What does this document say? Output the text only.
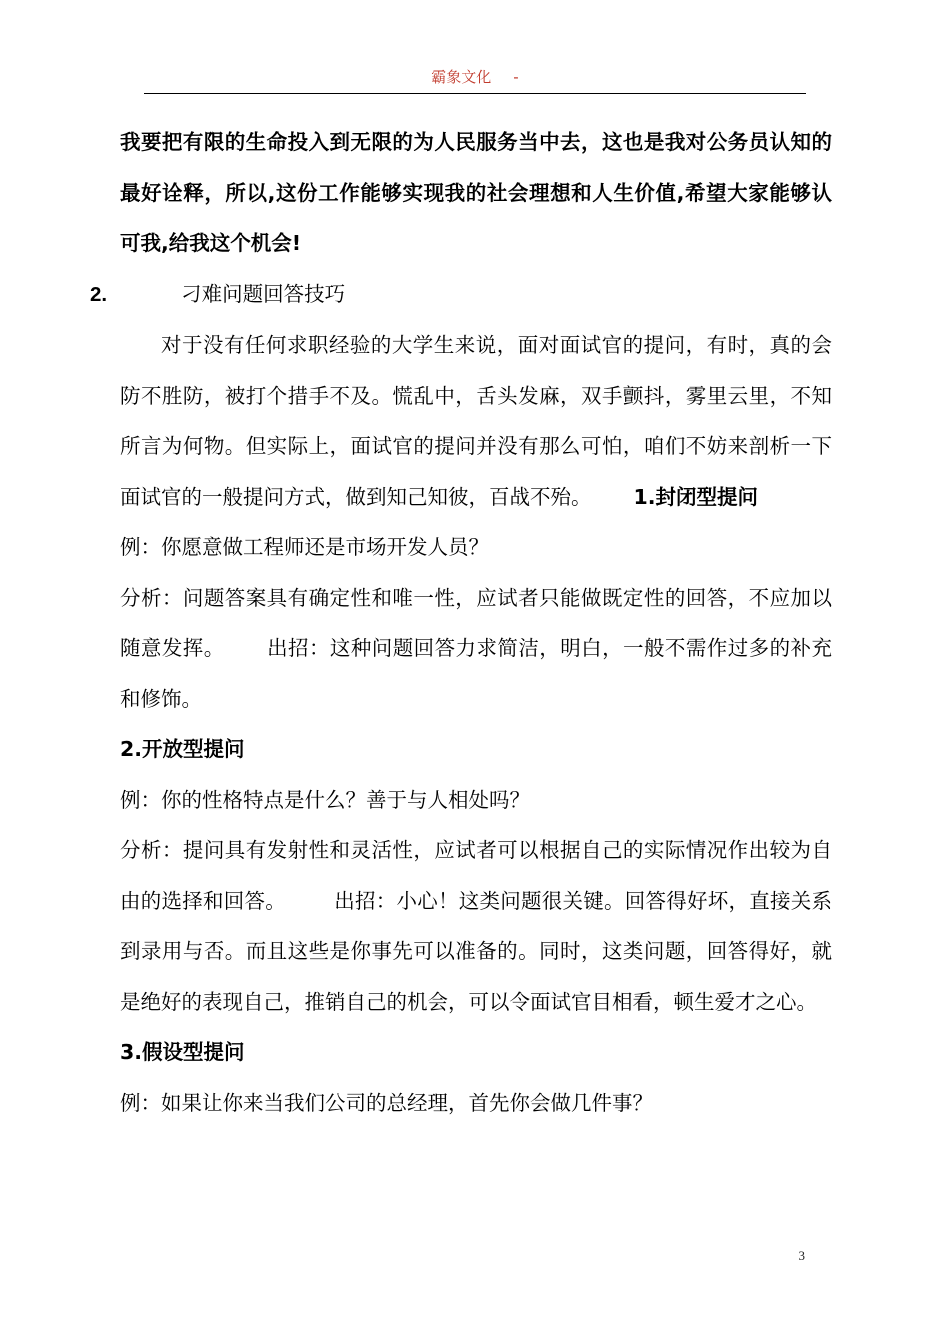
霸象文化 -

我要把有限的生命投入到无限的为人民服务当中去，这也是我对公务员认知的最好诠释，所以,这份工作能够实现我的社会理想和人生价值,希望大家能够认可我,给我这个机会!

2.	刁难问题回答技巧

对于没有任何求职经验的大学生来说，面对面试官的提问，有时，真的会防不胜防，被打个措手不及。慌乱中，舌头发麻，双手颤抖，雾里云里，不知所言为何物。但实际上，面试官的提问并没有那么可怕，咱们不妨来剖析一下面试官的一般提问方式，做到知己知彼，百战不殆。 1.封闭型提问

例：你愿意做工程师还是市场开发人员？

分析：问题答案具有确定性和唯一性，应试者只能做既定性的回答，不应加以随意发挥。 出招：这种问题回答力求简洁，明白，一般不需作过多的补充和修饰。

2.开放型提问

例：你的性格特点是什么？善于与人相处吗？

分析：提问具有发射性和灵活性，应试者可以根据自己的实际情况作出较为自由的选择和回答。 出招：小心！这类问题很关键。回答得好坏，直接关系到录用与否。而且这些是你事先可以准备的。同时，这类问题，回答得好，就是绝好的表现自己，推销自己的机会，可以令面试官目相看，顿生爱才之心。

3.假设型提问

例：如果让你来当我们公司的总经理，首先你会做几件事？

3
